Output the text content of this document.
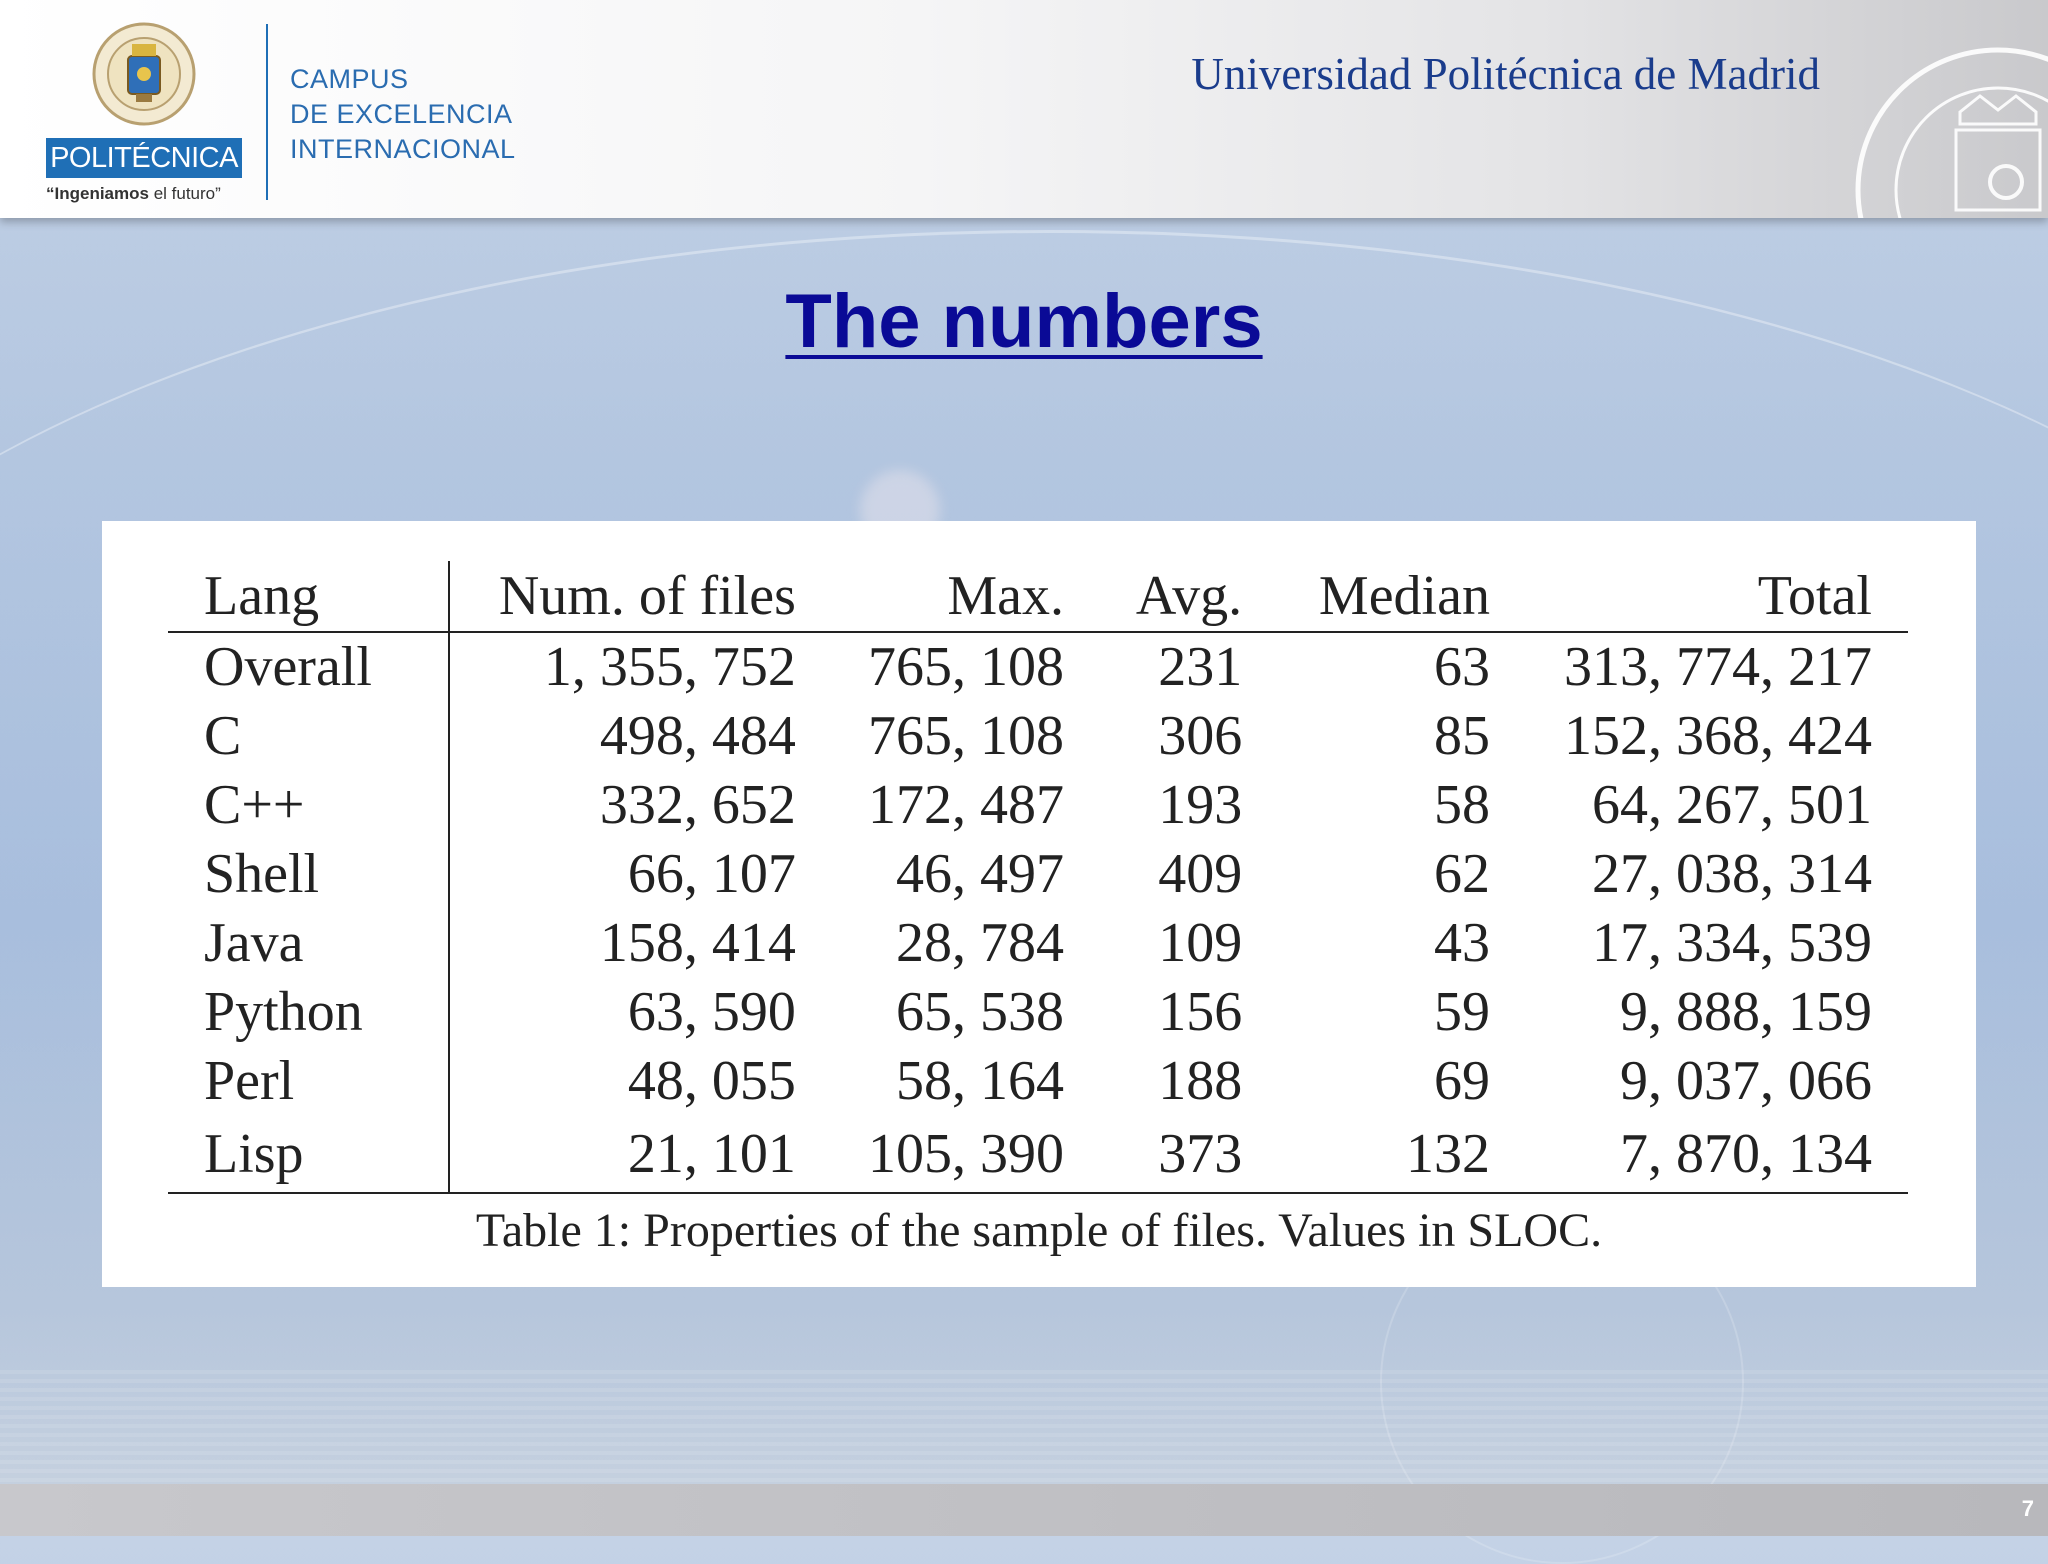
POLITÉCNICA
“Ingeniamos el futuro”
CAMPUS
DE EXCELENCIA
INTERNACIONAL
Universidad Politécnica de Madrid
The numbers
Lang	Num. of files	Max.	Avg.	Median	Total
Overall	1, 355, 752	765, 108	231	63	313, 774, 217
C	498, 484	765, 108	306	85	152, 368, 424
C++	332, 652	172, 487	193	58	64, 267, 501
Shell	66, 107	46, 497	409	62	27, 038, 314
Java	158, 414	28, 784	109	43	17, 334, 539
Python	63, 590	65, 538	156	59	9, 888, 159
Perl	48, 055	58, 164	188	69	9, 037, 066
Lisp	21, 101	105, 390	373	132	7, 870, 134
Table 1: Properties of the sample of files. Values in SLOC.
7
